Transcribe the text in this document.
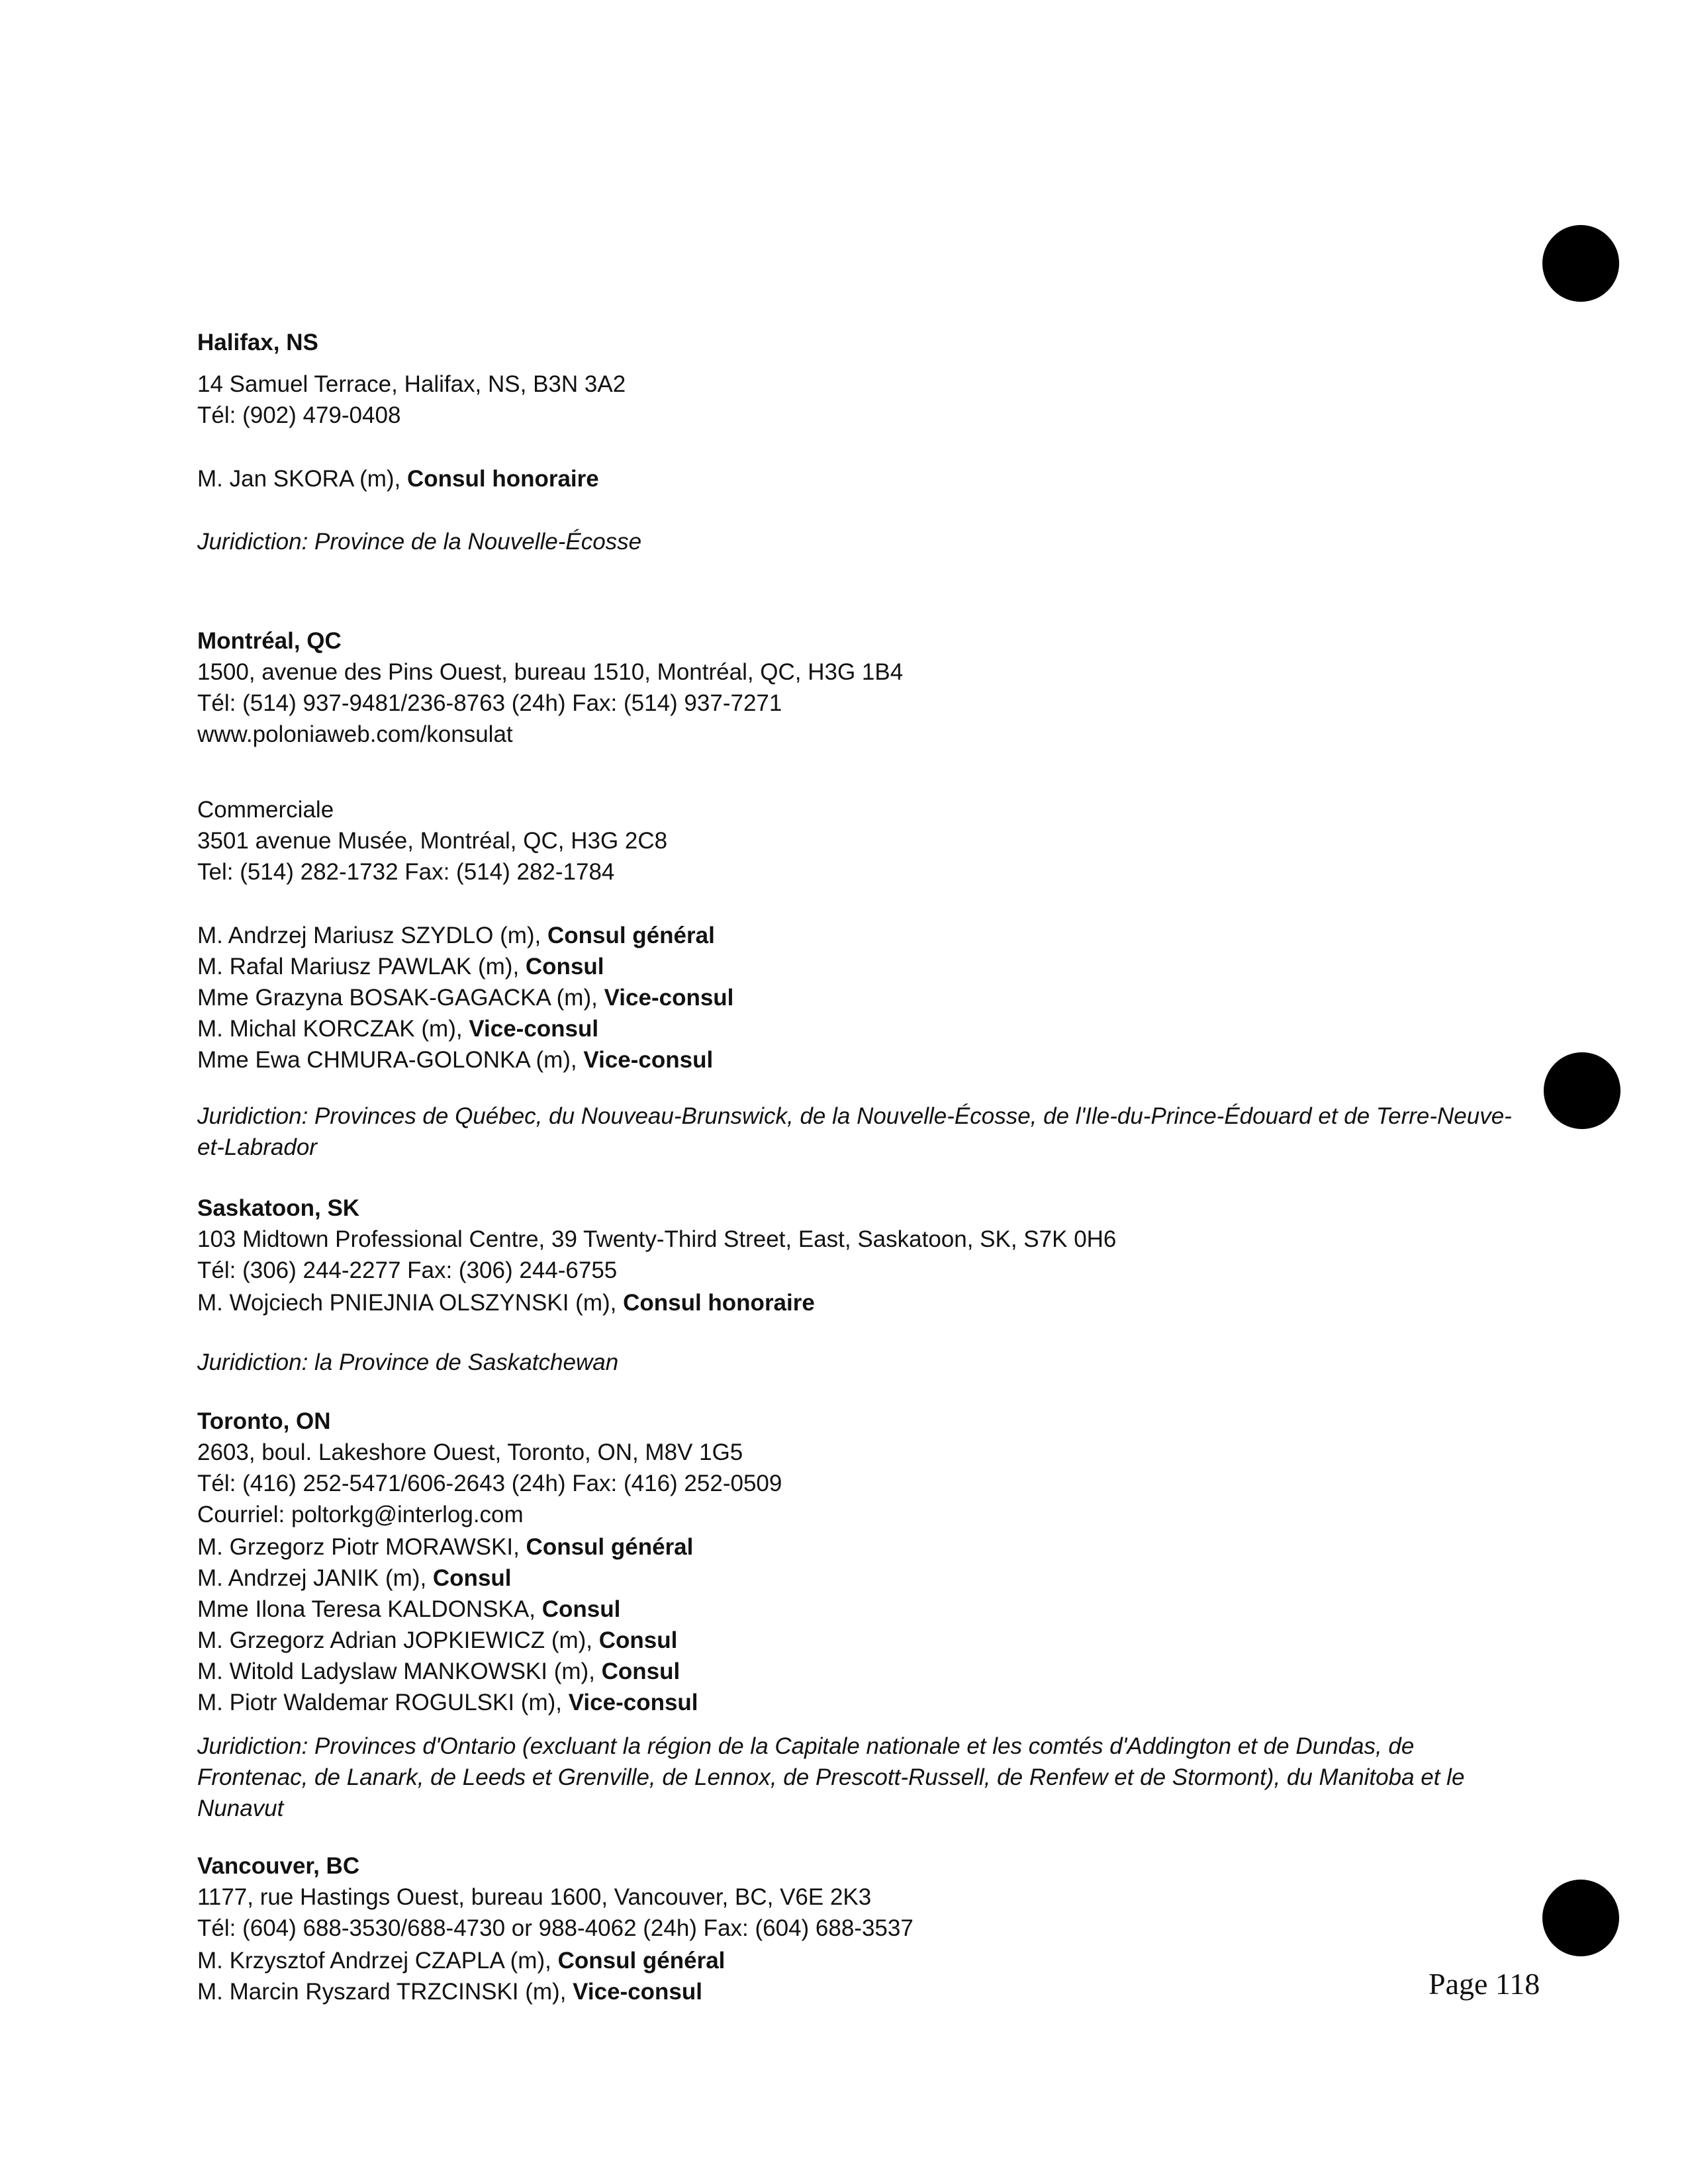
Halifax, NS
14 Samuel Terrace, Halifax, NS, B3N 3A2
Tél: (902) 479-0408
M. Jan SKORA (m), Consul honoraire
Juridiction: Province de la Nouvelle-Écosse
Montréal, QC
1500, avenue des Pins Ouest, bureau 1510, Montréal, QC, H3G 1B4
Tél: (514) 937-9481/236-8763 (24h) Fax: (514) 937-7271
www.poloniaweb.com/konsulat
Commerciale
3501 avenue Musée, Montréal, QC, H3G 2C8
Tel: (514) 282-1732 Fax: (514) 282-1784
M. Andrzej Mariusz SZYDLO (m), Consul général
M. Rafal Mariusz PAWLAK (m), Consul
Mme Grazyna BOSAK-GAGACKA (m), Vice-consul
M. Michal KORCZAK (m), Vice-consul
Mme Ewa CHMURA-GOLONKA (m), Vice-consul
Juridiction: Provinces de Québec, du Nouveau-Brunswick, de la Nouvelle-Écosse, de l'Ile-du-Prince-Édouard et de Terre-Neuve-et-Labrador
Saskatoon, SK
103 Midtown Professional Centre, 39 Twenty-Third Street, East, Saskatoon, SK, S7K 0H6
Tél: (306) 244-2277 Fax: (306) 244-6755
M. Wojciech PNIEJNIA OLSZYNSKI (m), Consul honoraire
Juridiction: la Province de Saskatchewan
Toronto, ON
2603, boul. Lakeshore Ouest, Toronto, ON, M8V 1G5
Tél: (416) 252-5471/606-2643 (24h) Fax: (416) 252-0509
Courriel: poltorkg@interlog.com
M. Grzegorz Piotr MORAWSKI, Consul général
M. Andrzej JANIK (m), Consul
Mme Ilona Teresa KALDONSKA, Consul
M. Grzegorz Adrian JOPKIEWICZ (m), Consul
M. Witold Ladyslaw MANKOWSKI (m), Consul
M. Piotr Waldemar ROGULSKI (m), Vice-consul
Juridiction: Provinces d'Ontario (excluant la région de la Capitale nationale et les comtés d'Addington et de Dundas, de Frontenac, de Lanark, de Leeds et Grenville, de Lennox, de Prescott-Russell, de Renfew et de Stormont), du Manitoba et le Nunavut
Vancouver, BC
1177, rue Hastings Ouest, bureau 1600, Vancouver, BC, V6E 2K3
Tél: (604) 688-3530/688-4730 or 988-4062 (24h) Fax: (604) 688-3537
M. Krzysztof Andrzej CZAPLA (m), Consul général
M. Marcin Ryszard TRZCINSKI (m), Vice-consul	Page 118
